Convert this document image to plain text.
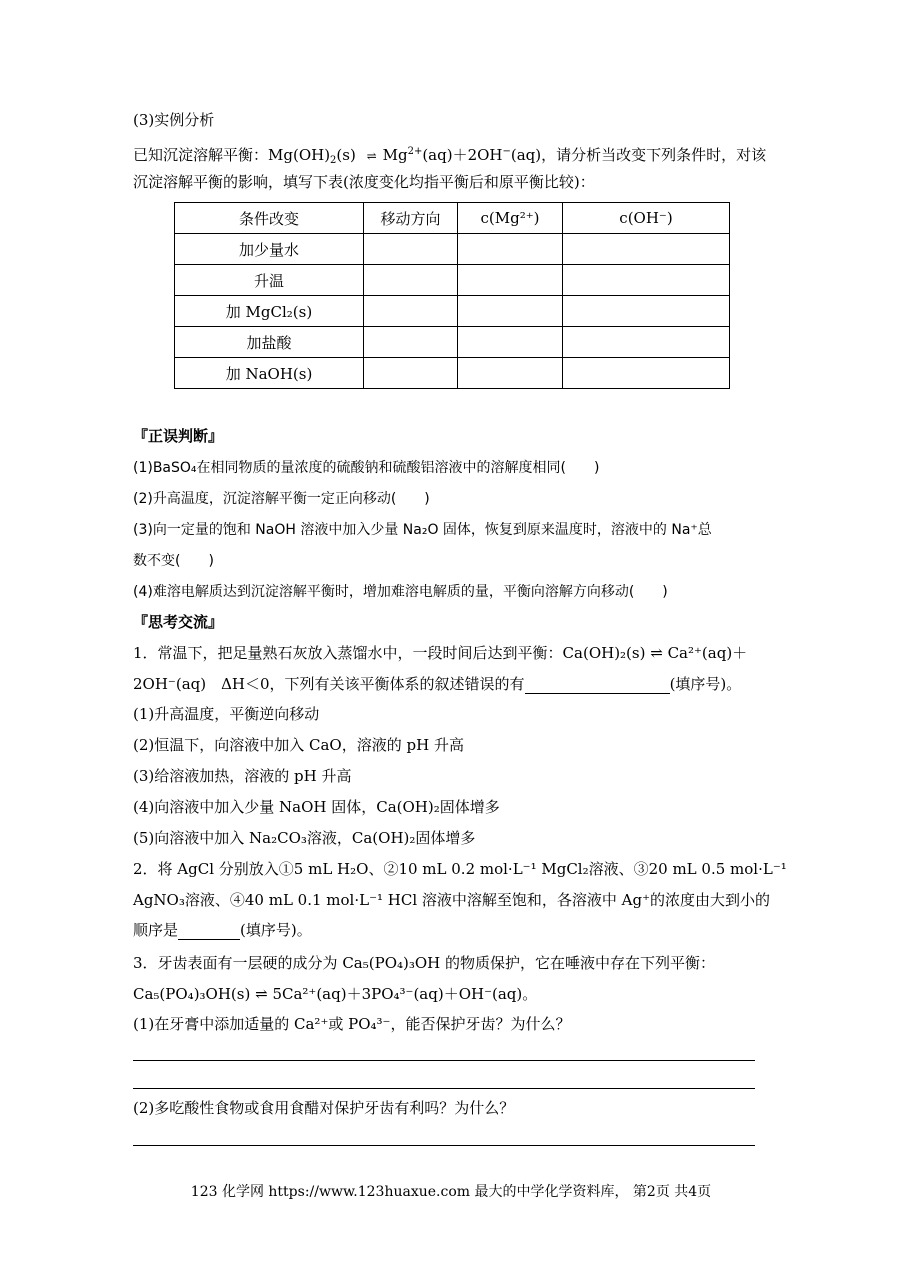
(3)实例分析
已知沉淀溶解平衡：$Mg(OH)_2(s)$ ⇌ $Mg^{2+}(aq)+2OH^-(aq)$，请分析当改变下列条件时，对该
沉淀溶解平衡的影响，填写下表(浓度变化均指平衡后和原平衡比较)：
条件改变	移动方向	c(Mg²⁺)	c(OH⁻)
加少量水			
升温			
加 MgCl₂(s)			
加盐酸			
加 NaOH(s)			
『正误判断』
(1)BaSO₄在相同物质的量浓度的硫酸钠和硫酸铝溶液中的溶解度相同(　　)
(2)升高温度，沉淀溶解平衡一定正向移动(　　)
(3)向一定量的饱和 NaOH 溶液中加入少量 Na₂O 固体，恢复到原来温度时，溶液中的 Na⁺总
数不变(　　)
(4)难溶电解质达到沉淀溶解平衡时，增加难溶电解质的量，平衡向溶解方向移动(　　)
『思考交流』
1．常温下，把足量熟石灰放入蒸馏水中，一段时间后达到平衡：Ca(OH)₂(s) ⇌ Ca²⁺(aq)＋
2OH⁻(aq)　ΔH＜0，下列有关该平衡体系的叙述错误的有	(填序号)。
(1)升高温度，平衡逆向移动
(2)恒温下，向溶液中加入 CaO，溶液的 pH 升高
(3)给溶液加热，溶液的 pH 升高
(4)向溶液中加入少量 NaOH 固体，Ca(OH)₂固体增多
(5)向溶液中加入 Na₂CO₃溶液，Ca(OH)₂固体增多
2．将 AgCl 分别放入①5 mL H₂O、②10 mL 0.2 mol·L⁻¹ MgCl₂溶液、③20 mL 0.5 mol·L⁻¹
AgNO₃溶液、④40 mL 0.1 mol·L⁻¹ HCl 溶液中溶解至饱和，各溶液中 Ag⁺的浓度由大到小的
顺序是	(填序号)。
3．牙齿表面有一层硬的成分为 Ca₅(PO₄)₃OH 的物质保护，它在唾液中存在下列平衡：
Ca₅(PO₄)₃OH(s) ⇌ 5Ca²⁺(aq)＋3PO₄³⁻(aq)＋OH⁻(aq)。
(1)在牙膏中添加适量的 Ca²⁺或 PO₄³⁻，能否保护牙齿？为什么？
(2)多吃酸性食物或食用食醋对保护牙齿有利吗？为什么？
123 化学网 https://www.123huaxue.com 最大的中学化学资料库， 第2页 共4页
